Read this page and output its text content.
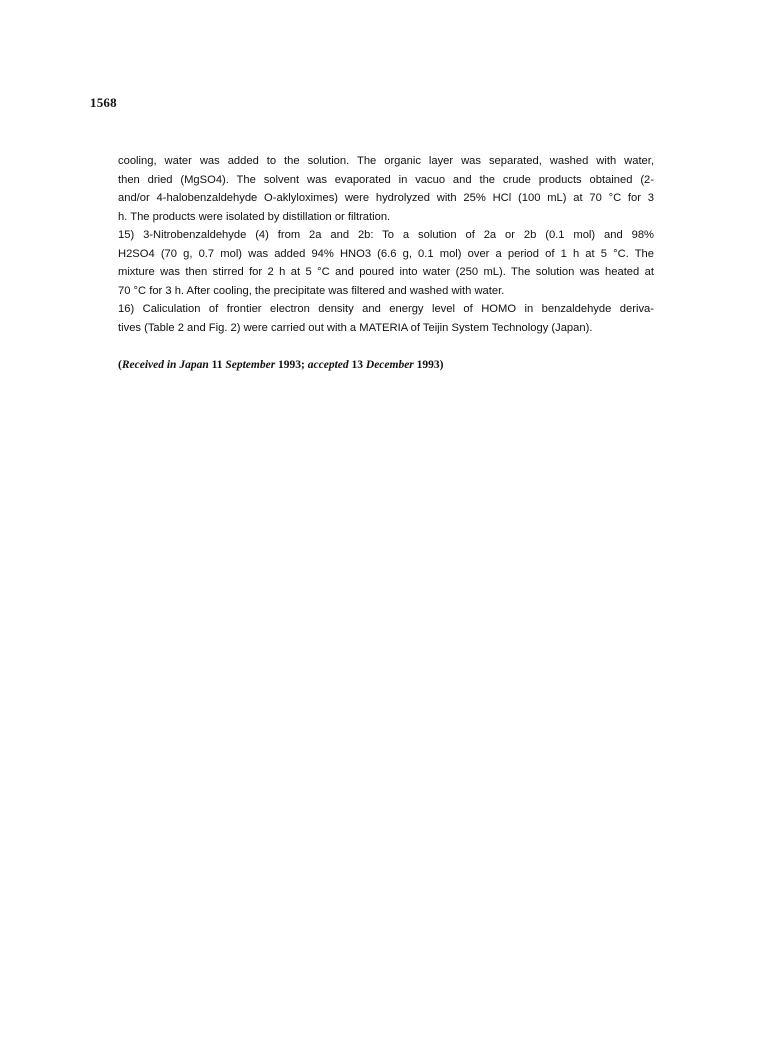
1568
cooling, water was added to the solution. The organic layer was separated, washed with water,
then dried (MgSO4). The solvent was evaporated in vacuo and the crude products obtained (2-
and/or 4-halobenzaldehyde O-aklyloximes) were hydrolyzed with 25% HCl (100 mL) at 70 °C for 3
h. The products were isolated by distillation or filtration.
15) 3-Nitrobenzaldehyde (4) from 2a and 2b: To a solution of 2a or 2b (0.1 mol) and 98%
H2SO4 (70 g, 0.7 mol) was added 94% HNO3 (6.6 g, 0.1 mol) over a period of 1 h at 5 °C. The
mixture was then stirred for 2 h at 5 °C and poured into water (250 mL). The solution was heated at
70 °C for 3 h. After cooling, the precipitate was filtered and washed with water.
16) Caliculation of frontier electron density and energy level of HOMO in benzaldehyde deriva-
tives (Table 2 and Fig. 2) were carried out with a MATERIA of Teijin System Technology (Japan).
(Received in Japan 11 September 1993; accepted 13 December 1993)
